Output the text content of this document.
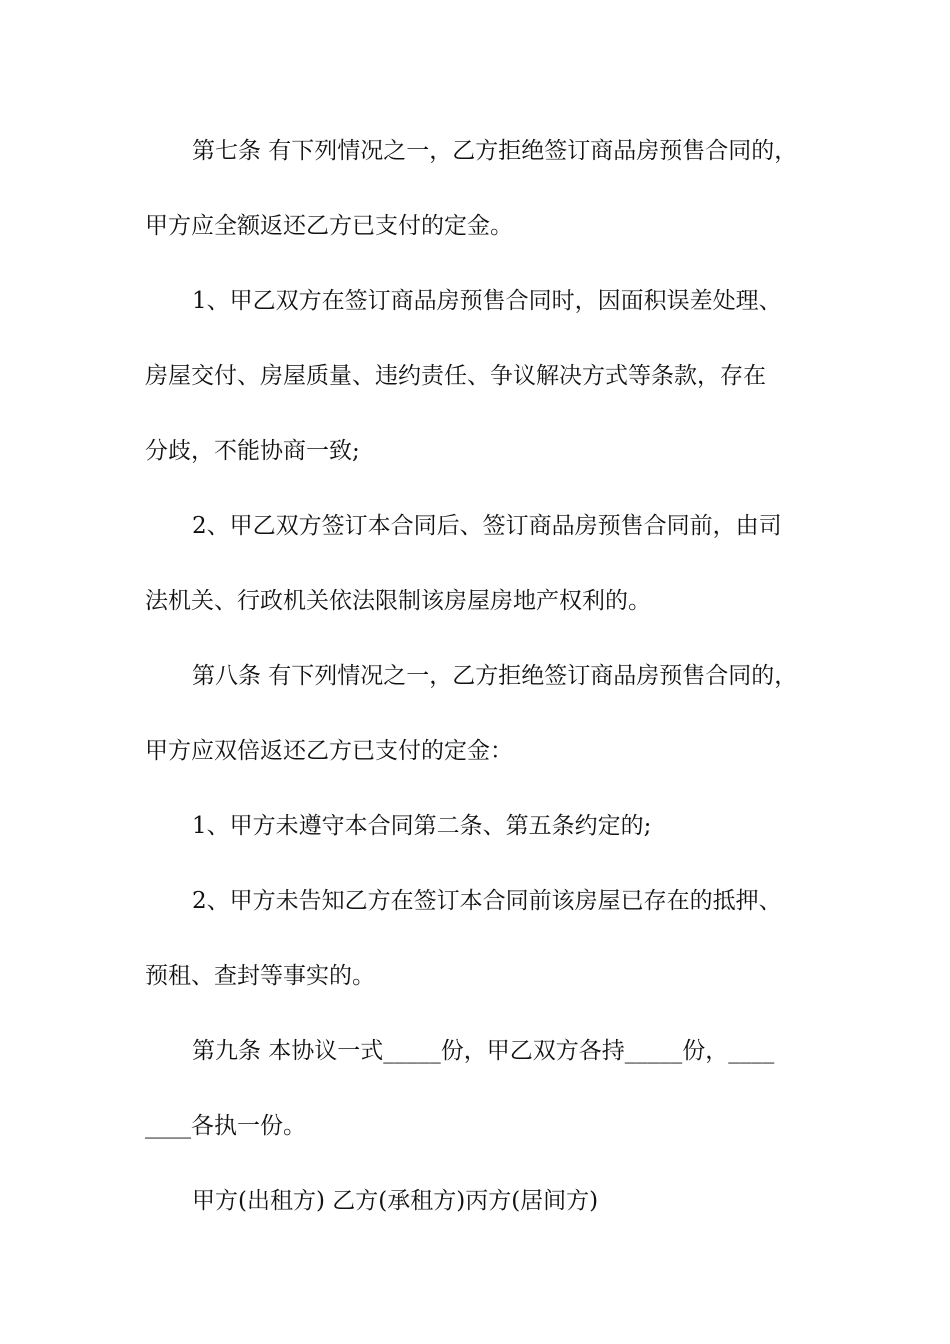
第七条 有下列情况之一，乙方拒绝签订商品房预售合同的，
甲方应全额返还乙方已支付的定金。
1、甲乙双方在签订商品房预售合同时，因面积误差处理、
房屋交付、房屋质量、违约责任、争议解决方式等条款，存在
分歧，不能协商一致;
2、甲乙双方签订本合同后、签订商品房预售合同前，由司
法机关、行政机关依法限制该房屋房地产权利的。
第八条 有下列情况之一，乙方拒绝签订商品房预售合同的，
甲方应双倍返还乙方已支付的定金：
1、甲方未遵守本合同第二条、第五条约定的;
2、甲方未告知乙方在签订本合同前该房屋已存在的抵押、
预租、查封等事实的。
第九条 本协议一式_____份，甲乙双方各持_____份，____
____各执一份。
甲方(出租方) 乙方(承租方)丙方(居间方)
